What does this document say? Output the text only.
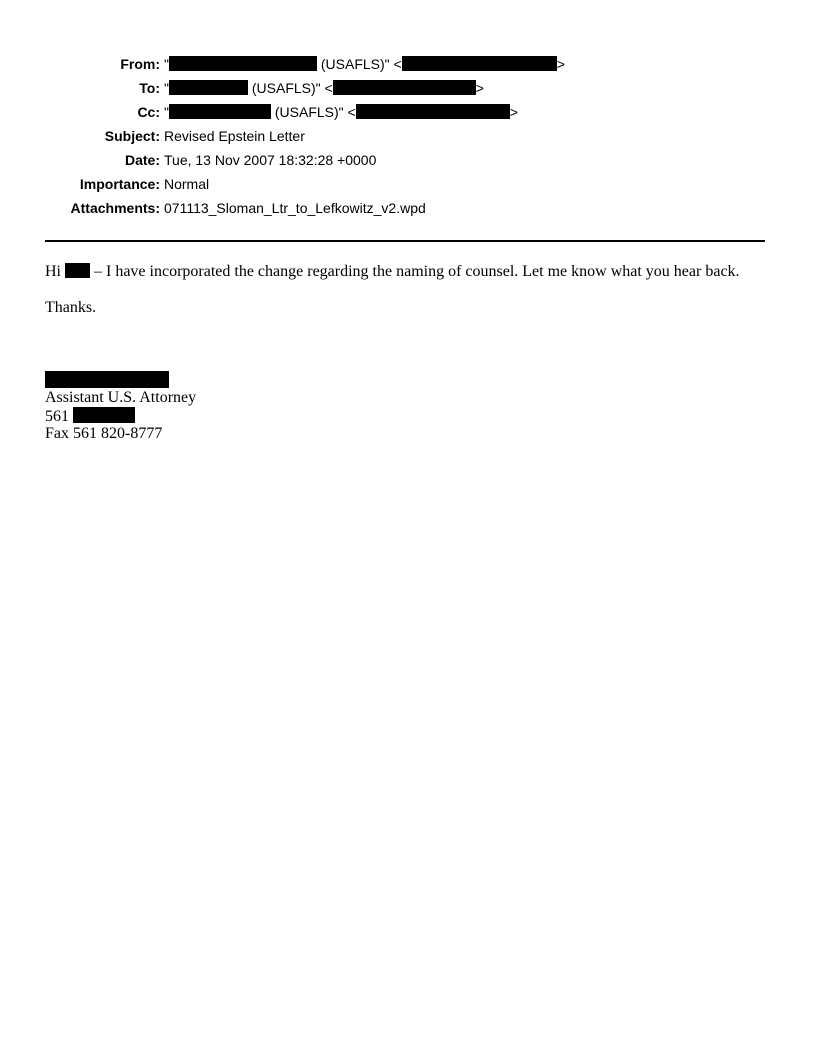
From: "	(USAFLS)" <	>
To: "	(USAFLS)" <	>
Cc: "	(USAFLS)" <	>
Subject: Revised Epstein Letter
Date: Tue, 13 Nov 2007 18:32:28 +0000
Importance: Normal
Attachments: 071113_Sloman_Ltr_to_Lefkowitz_v2.wpd
Hi  – I have incorporated the change regarding the naming of counsel. Let me know what you hear back.
Thanks.
Assistant U.S. Attorney
561
Fax 561 820-8777
